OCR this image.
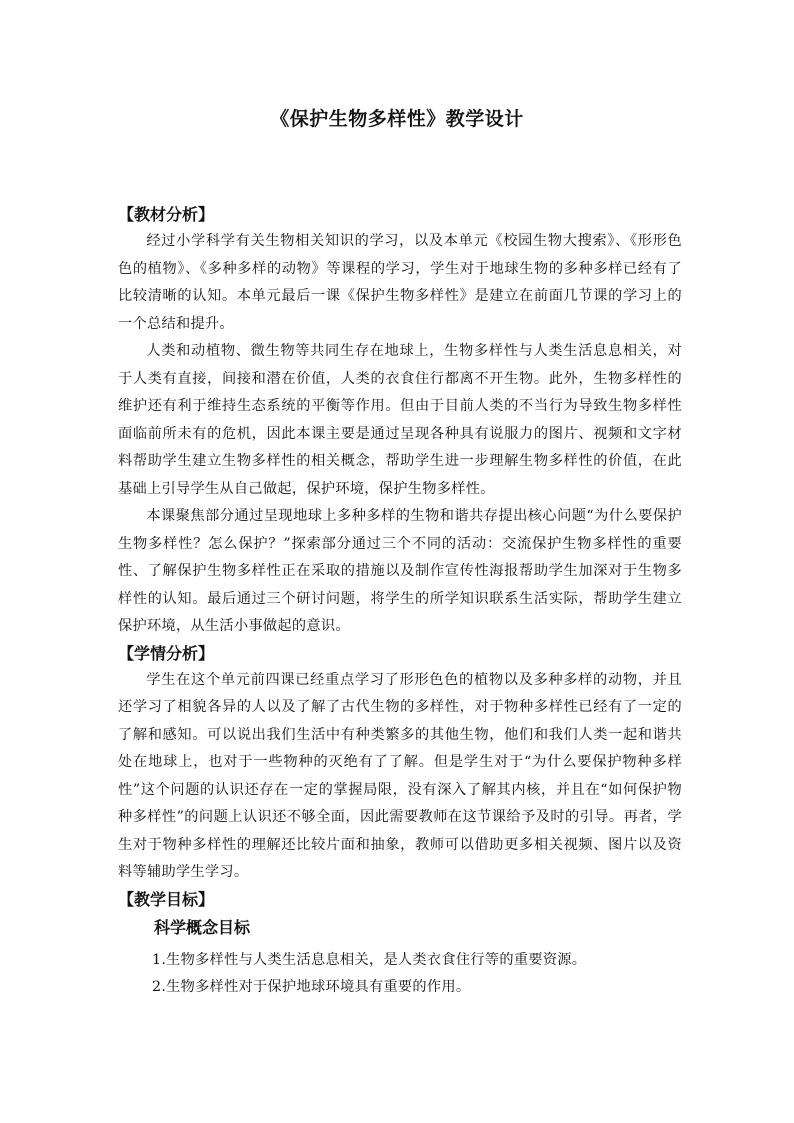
《保护生物多样性》教学设计

【教材分析】

经过小学科学有关生物相关知识的学习，以及本单元《校园生物大搜索》、《形形色色的植物》、《多种多样的动物》等课程的学习，学生对于地球生物的多种多样已经有了比较清晰的认知。本单元最后一课《保护生物多样性》是建立在前面几节课的学习上的一个总结和提升。

人类和动植物、微生物等共同生存在地球上，生物多样性与人类生活息息相关，对于人类有直接，间接和潜在价值，人类的衣食住行都离不开生物。此外，生物多样性的维护还有利于维持生态系统的平衡等作用。但由于目前人类的不当行为导致生物多样性面临前所未有的危机，因此本课主要是通过呈现各种具有说服力的图片、视频和文字材料帮助学生建立生物多样性的相关概念，帮助学生进一步理解生物多样性的价值，在此基础上引导学生从自己做起，保护环境，保护生物多样性。

本课聚焦部分通过呈现地球上多种多样的生物和谐共存提出核心问题“为什么要保护生物多样性？怎么保护？”探索部分通过三个不同的活动：交流保护生物多样性的重要性、了解保护生物多样性正在采取的措施以及制作宣传性海报帮助学生加深对于生物多样性的认知。最后通过三个研讨问题，将学生的所学知识联系生活实际，帮助学生建立保护环境，从生活小事做起的意识。

【学情分析】

学生在这个单元前四课已经重点学习了形形色色的植物以及多种多样的动物，并且还学习了相貌各异的人以及了解了古代生物的多样性，对于物种多样性已经有了一定的了解和感知。可以说出我们生活中有种类繁多的其他生物，他们和我们人类一起和谐共处在地球上，也对于一些物种的灭绝有了了解。但是学生对于“为什么要保护物种多样性”这个问题的认识还存在一定的掌握局限，没有深入了解其内核，并且在“如何保护物种多样性”的问题上认识还不够全面，因此需要教师在这节课给予及时的引导。再者，学生对于物种多样性的理解还比较片面和抽象，教师可以借助更多相关视频、图片以及资料等辅助学生学习。

【教学目标】

科学概念目标

1.生物多样性与人类生活息息相关，是人类衣食住行等的重要资源。
2.生物多样性对于保护地球环境具有重要的作用。
